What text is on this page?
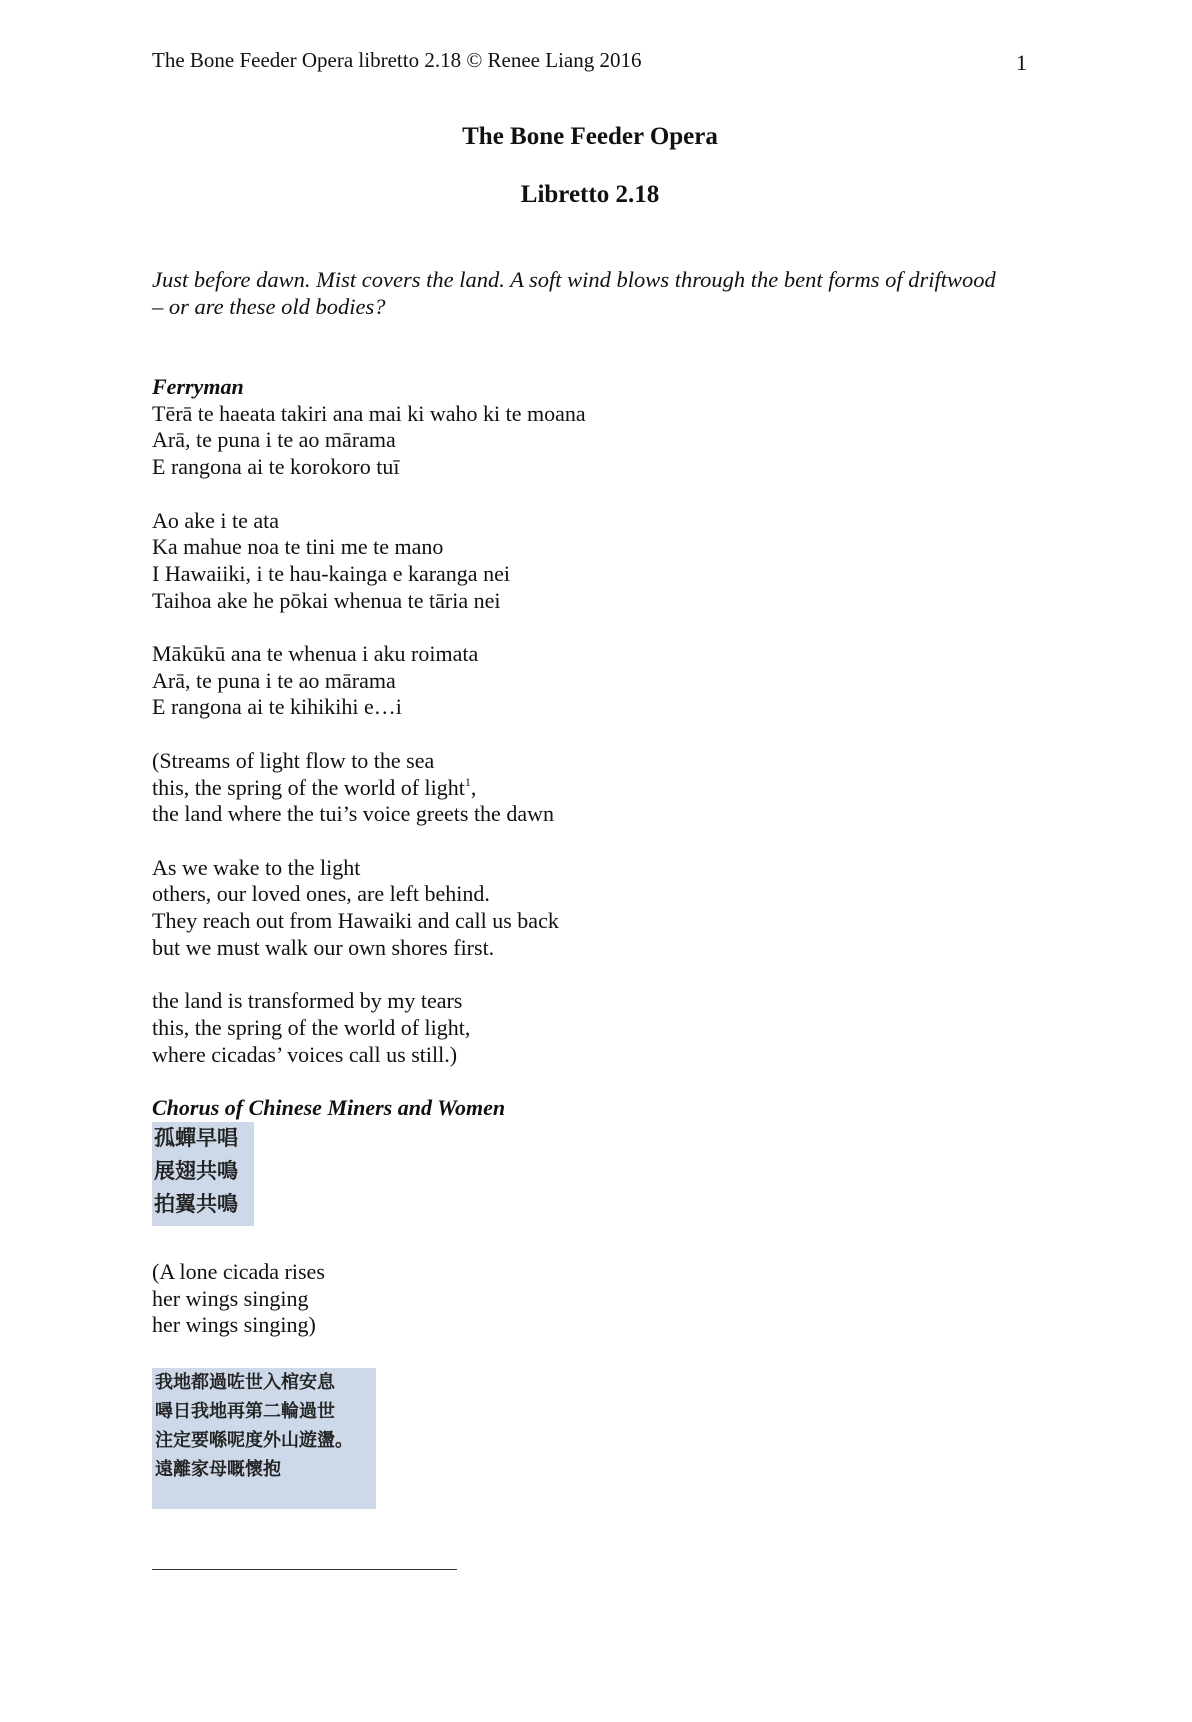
The Bone Feeder Opera libretto 2.18 © Renee Liang 2016	1
The Bone Feeder Opera
Libretto 2.18
Just before dawn. Mist covers the land. A soft wind blows through the bent forms of driftwood
– or are these old bodies?
Ferryman
Tērā te haeata takiri ana mai ki waho ki te moana
Arā, te puna i te ao mārama
E rangona ai te korokoro tuī
Ao ake i te ata
Ka mahue noa te tini me te mano
I Hawaiiki, i te hau-kainga e karanga nei
Taihoa ake he pōkai whenua te tāria nei
Mākūkū ana te whenua i aku roimata
Arā, te puna i te ao mārama
E rangona ai te kihikihi e…i
(Streams of light flow to the sea
this, the spring of the world of light$^1$,
the land where the tui’s voice greets the dawn
As we wake to the light
others, our loved ones, are left behind.
They reach out from Hawaiki and call us back
but we must walk our own shores first.
the land is transformed by my tears
this, the spring of the world of light,
where cicadas’ voices call us still.)
Chorus of Chinese Miners and Women
孤蟬早唱
展翅共鳴
拍翼共鳴
(A lone cicada rises
her wings singing
her wings singing)
我地都過咗世入棺安息
噚日我地再第二輪過世
注定要喺呢度外山遊盪。
遠離家母嘅懷抱
